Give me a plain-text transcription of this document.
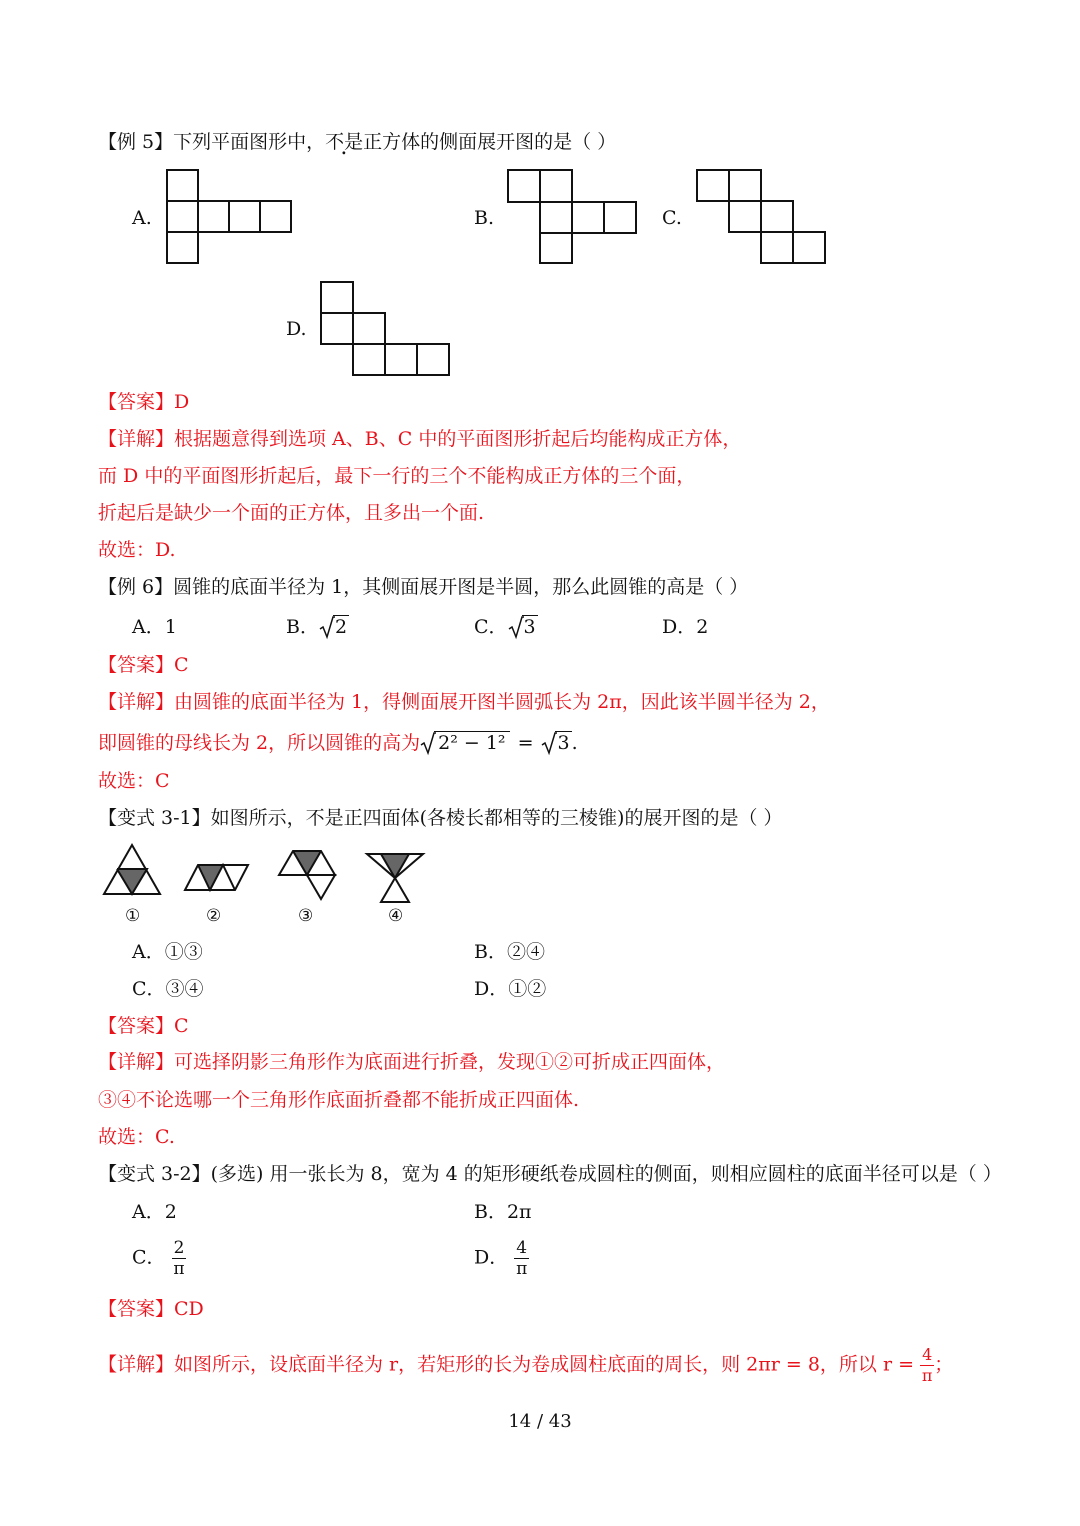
【例 5】下列平面图形中，不是 .正方体的侧面展开图的是（ ）
A.	B.	C.
D.
【答案】D
【详解】根据题意得到选项 A、B、C 中的平面图形折起后均能构成正方体，
而 D 中的平面图形折起后，最下一行的三个不能构成正方体的三个面，
折起后是缺少一个面的正方体，且多出一个面.
故选：D.
【例 6】圆锥的底面半径为 1，其侧面展开图是半圆，那么此圆锥的高是（ ）
A．1	B． 2	C． 3	D．2
【答案】C
【详解】由圆锥的底面半径为 1，得侧面展开图半圆弧长为 2π，因此该半圆半径为 2，
即圆锥的母线长为 2，所以圆锥的高为 2² − 1² = 3 .
故选：C
【变式 3-1】如图所示，不是正四面体(各棱长都相等的三棱锥)的展开图的是（ ）
①	②	③	④
A．①③	B．②④
C．③④	D．①②
【答案】C
【详解】可选择阴影三角形作为底面进行折叠，发现①②可折成正四面体，
③④不论选哪一个三角形作底面折叠都不能折成正四面体.
故选：C.
【变式 3-2】(多选) 用一张长为 8，宽为 4 的矩形硬纸卷成圆柱的侧面，则相应圆柱的底面半径可以是（ ）
A．2	B．2π
C． $\frac{2}{\pi}$	D． $\frac{4}{\pi}$
【答案】CD
【详解】如图所示，设底面半径为 r，若矩形的长为卷成圆柱底面的周长，则 2πr = 8，所以 $r = \frac{4}{\pi}$ ；
14 / 43
